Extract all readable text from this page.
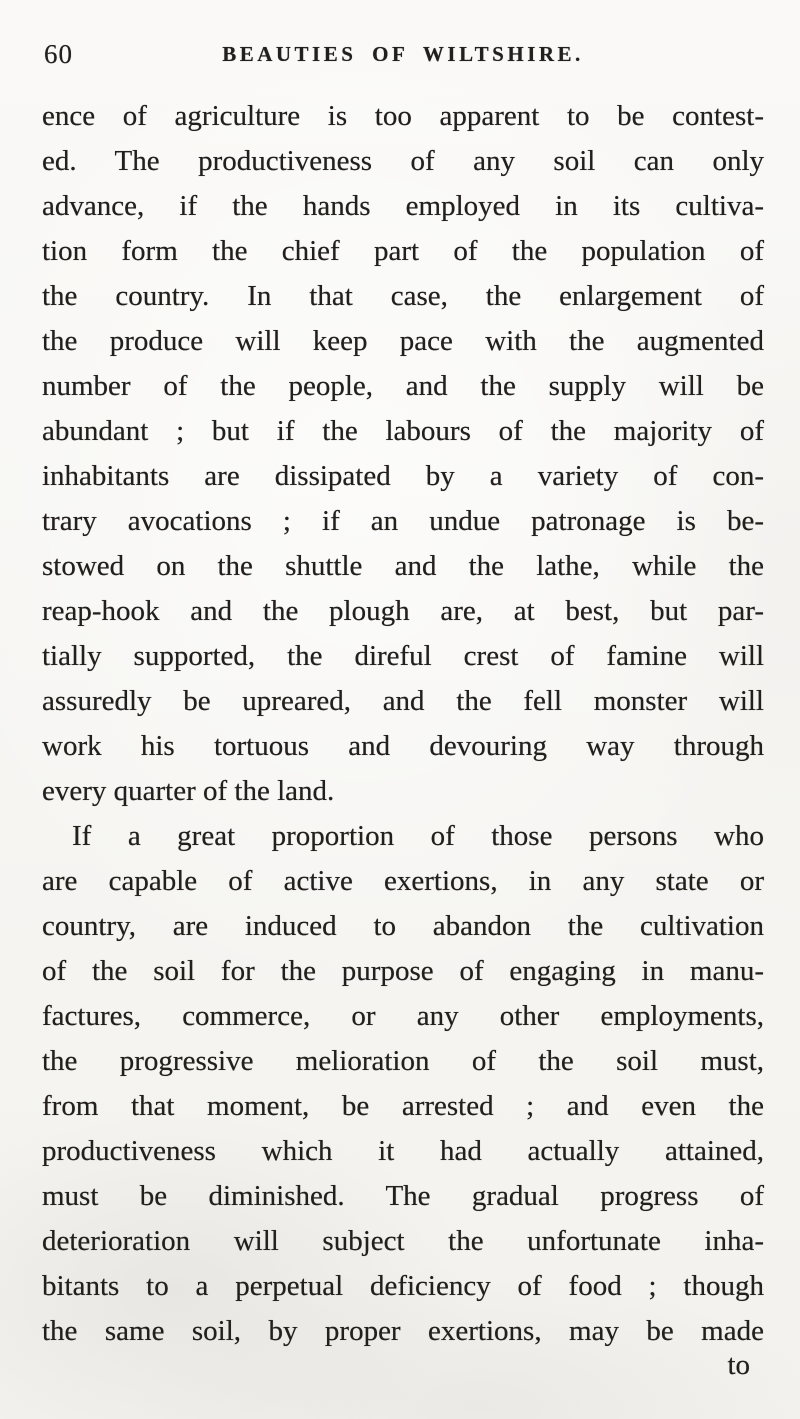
60	BEAUTIES OF WILTSHIRE.
ence of agriculture is too apparent to be contest-
ed. The productiveness of any soil can only
advance, if the hands employed in its cultiva-
tion form the chief part of the population of
the country. In that case, the enlargement of
the produce will keep pace with the augmented
number of the people, and the supply will be
abundant ; but if the labours of the majority of
inhabitants are dissipated by a variety of con-
trary avocations ; if an undue patronage is be-
stowed on the shuttle and the lathe, while the
reap-hook and the plough are, at best, but par-
tially supported, the direful crest of famine will
assuredly be upreared, and the fell monster will
work his tortuous and devouring way through
every quarter of the land.
If a great proportion of those persons who
are capable of active exertions, in any state or
country, are induced to abandon the cultivation
of the soil for the purpose of engaging in manu-
factures, commerce, or any other employments,
the progressive melioration of the soil must,
from that moment, be arrested ; and even the
productiveness which it had actually attained,
must be diminished. The gradual progress of
deterioration will subject the unfortunate inha-
bitants to a perpetual deficiency of food ; though
the same soil, by proper exertions, may be made
to
